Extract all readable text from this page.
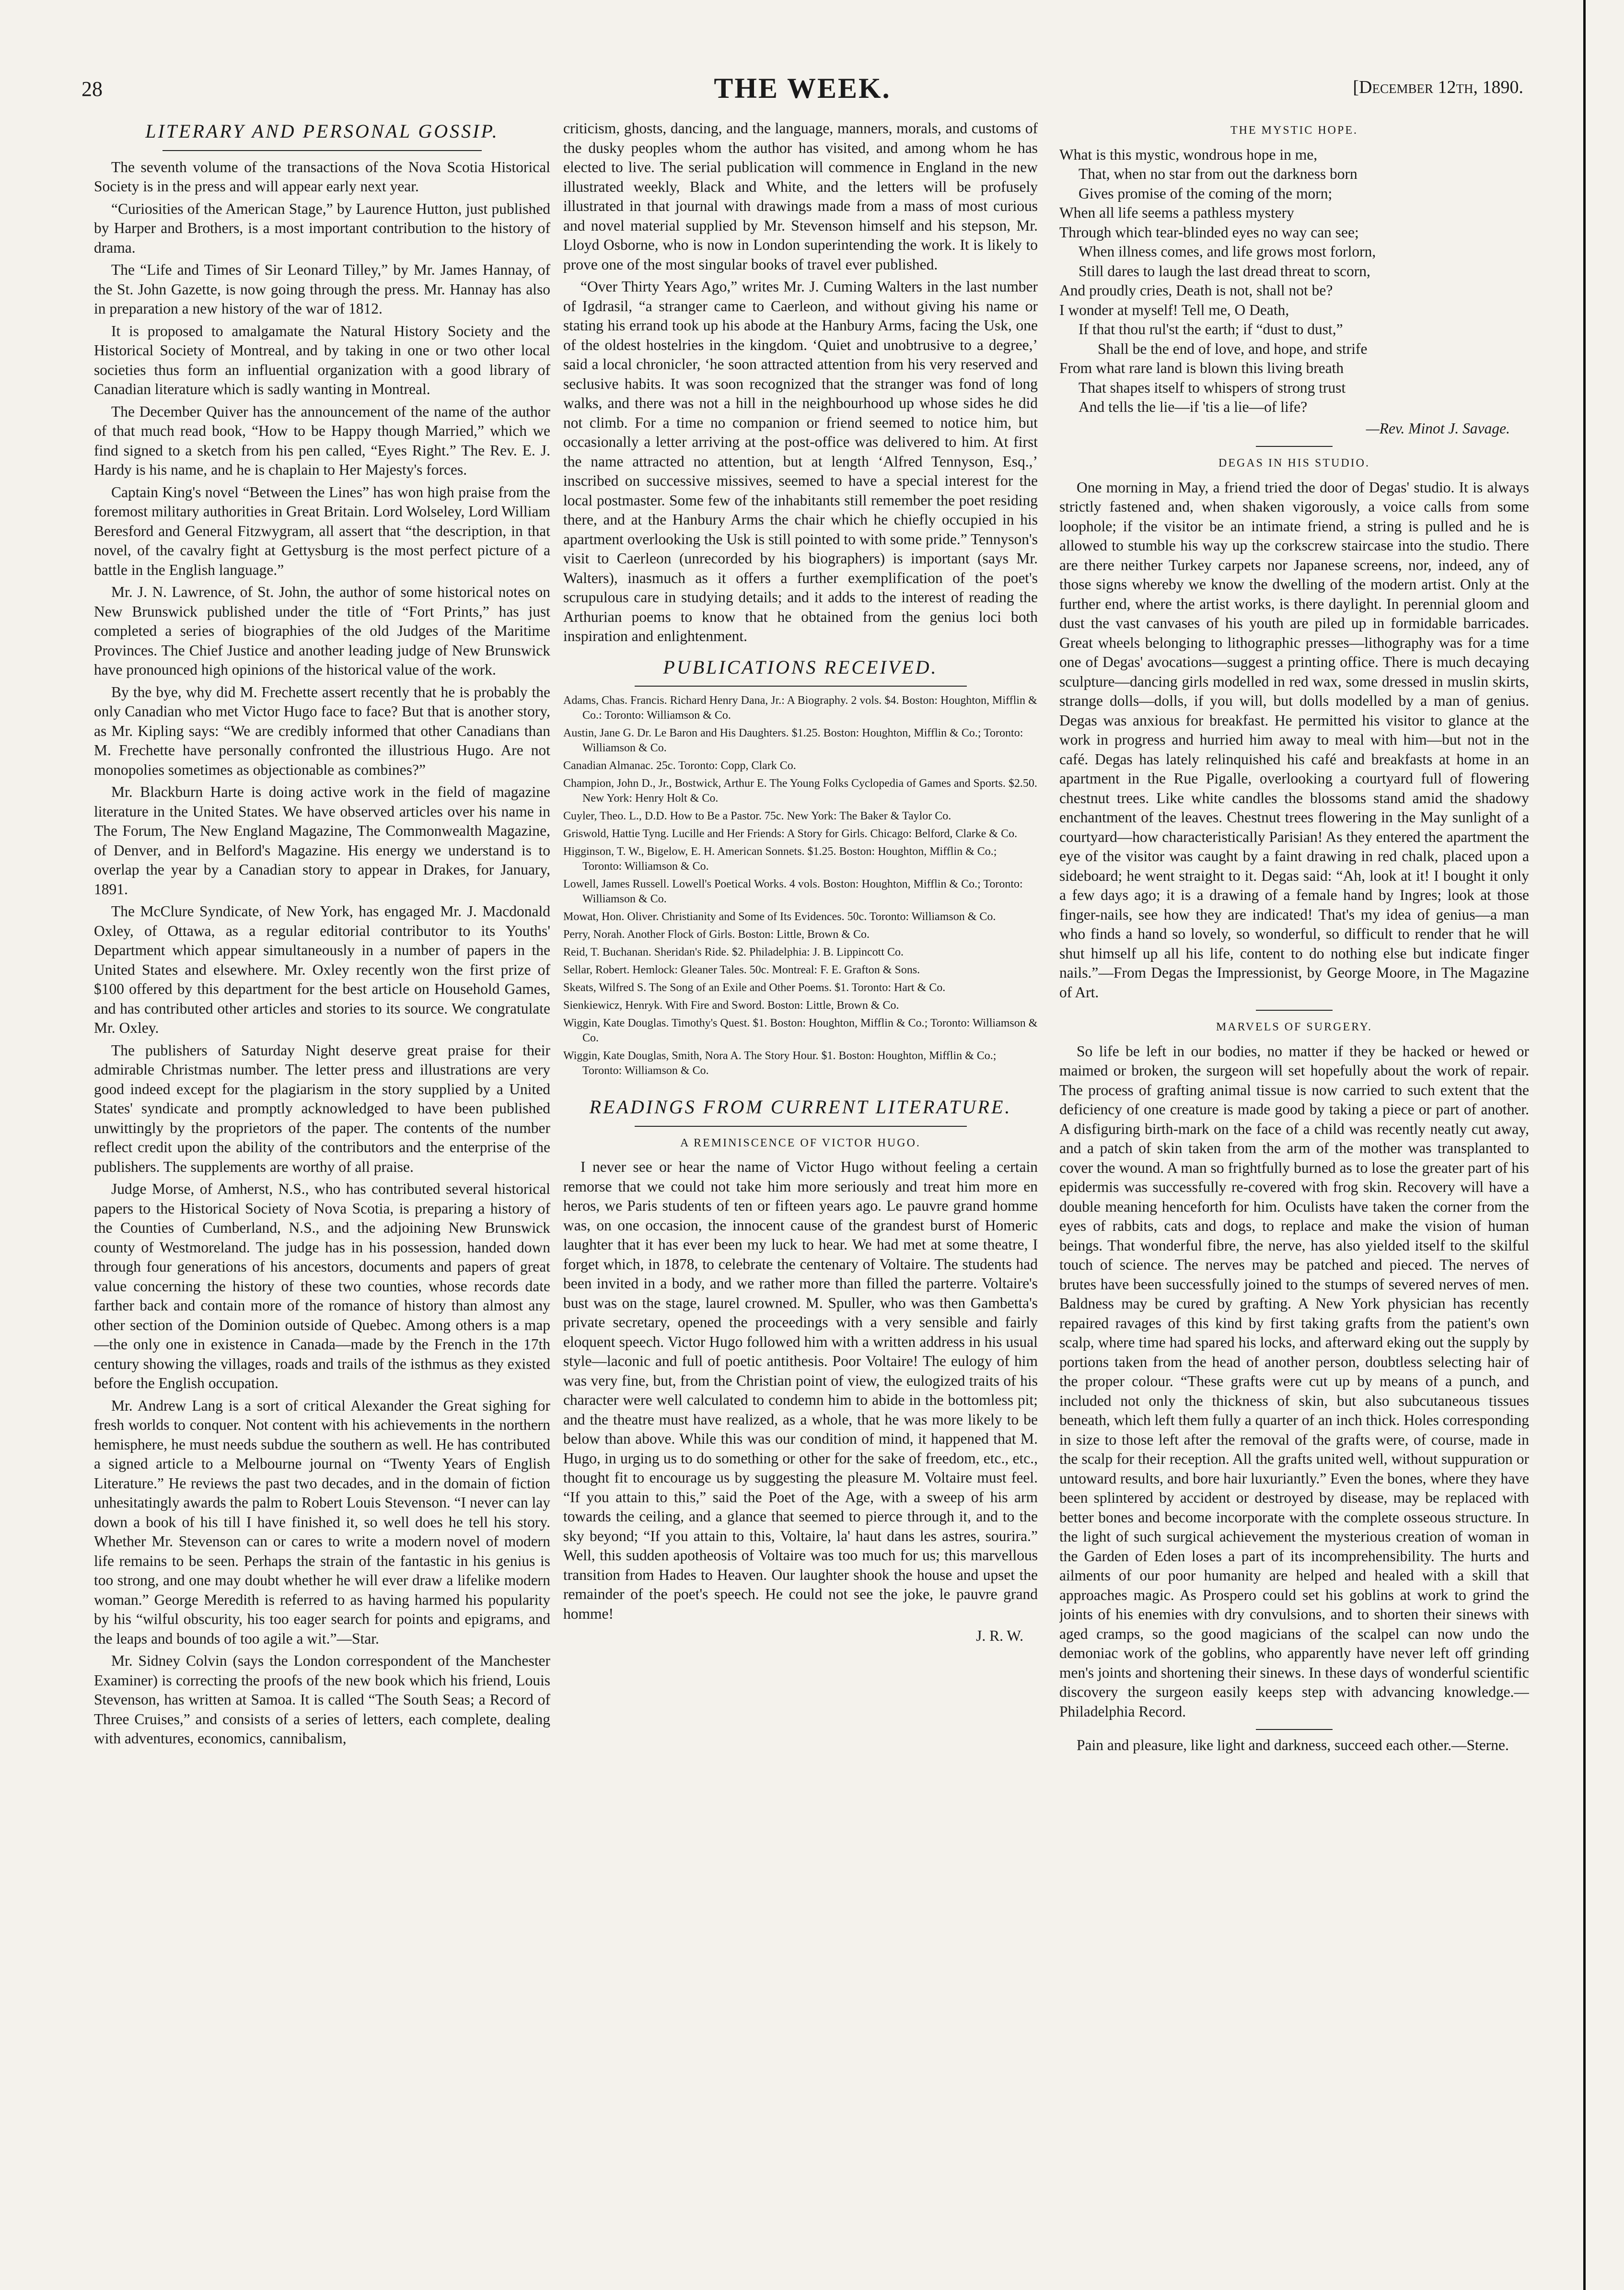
28	THE WEEK.	[December 12th, 1890.
LITERARY AND PERSONAL GOSSIP.

The seventh volume of the transactions of the Nova Scotia Historical Society is in the press and will appear early next year.

“Curiosities of the American Stage,” by Laurence Hutton, just published by Harper and Brothers, is a most important contribution to the history of drama.

The “Life and Times of Sir Leonard Tilley,” by Mr. James Hannay, of the St. John Gazette, is now going through the press. Mr. Hannay has also in preparation a new history of the war of 1812.

It is proposed to amalgamate the Natural History Society and the Historical Society of Montreal, and by taking in one or two other local societies thus form an influential organization with a good library of Canadian literature which is sadly wanting in Montreal.

The December Quiver has the announcement of the name of the author of that much read book, “How to be Happy though Married,” which we find signed to a sketch from his pen called, “Eyes Right.” The Rev. E. J. Hardy is his name, and he is chaplain to Her Majesty's forces.

Captain King's novel “Between the Lines” has won high praise from the foremost military authorities in Great Britain. Lord Wolseley, Lord William Beresford and General Fitzwygram, all assert that “the description, in that novel, of the cavalry fight at Gettysburg is the most perfect picture of a battle in the English language.”

Mr. J. N. Lawrence, of St. John, the author of some historical notes on New Brunswick published under the title of “Fort Prints,” has just completed a series of biographies of the old Judges of the Maritime Provinces. The Chief Justice and another leading judge of New Brunswick have pronounced high opinions of the historical value of the work.

By the bye, why did M. Frechette assert recently that he is probably the only Canadian who met Victor Hugo face to face? But that is another story, as Mr. Kipling says: “We are credibly informed that other Canadians than M. Frechette have personally confronted the illustrious Hugo. Are not monopolies sometimes as objectionable as combines?”

Mr. Blackburn Harte is doing active work in the field of magazine literature in the United States. We have observed articles over his name in The Forum, The New England Magazine, The Commonwealth Magazine, of Denver, and in Belford's Magazine. His energy we understand is to overlap the year by a Canadian story to appear in Drakes, for January, 1891.

The McClure Syndicate, of New York, has engaged Mr. J. Macdonald Oxley, of Ottawa, as a regular editorial contributor to its Youths' Department which appear simultaneously in a number of papers in the United States and elsewhere. Mr. Oxley recently won the first prize of $100 offered by this department for the best article on Household Games, and has contributed other articles and stories to its source. We congratulate Mr. Oxley.

The publishers of Saturday Night deserve great praise for their admirable Christmas number. The letter press and illustrations are very good indeed except for the plagiarism in the story supplied by a United States' syndicate and promptly acknowledged to have been published unwittingly by the proprietors of the paper. The contents of the number reflect credit upon the ability of the contributors and the enterprise of the publishers. The supplements are worthy of all praise.

Judge Morse, of Amherst, N.S., who has contributed several historical papers to the Historical Society of Nova Scotia, is preparing a history of the Counties of Cumberland, N.S., and the adjoining New Brunswick county of Westmoreland. The judge has in his possession, handed down through four generations of his ancestors, documents and papers of great value concerning the history of these two counties, whose records date farther back and contain more of the romance of history than almost any other section of the Dominion outside of Quebec. Among others is a map—the only one in existence in Canada—made by the French in the 17th century showing the villages, roads and trails of the isthmus as they existed before the English occupation.

Mr. Andrew Lang is a sort of critical Alexander the Great sighing for fresh worlds to conquer. Not content with his achievements in the northern hemisphere, he must needs subdue the southern as well. He has contributed a signed article to a Melbourne journal on “Twenty Years of English Literature.” He reviews the past two decades, and in the domain of fiction unhesitatingly awards the palm to Robert Louis Stevenson. “I never can lay down a book of his till I have finished it, so well does he tell his story. Whether Mr. Stevenson can or cares to write a modern novel of modern life remains to be seen. Perhaps the strain of the fantastic in his genius is too strong, and one may doubt whether he will ever draw a lifelike modern woman.” George Meredith is referred to as having harmed his popularity by his “wilful obscurity, his too eager search for points and epigrams, and the leaps and bounds of too agile a wit.”—Star.

Mr. Sidney Colvin (says the London correspondent of the Manchester Examiner) is correcting the proofs of the new book which his friend, Louis Stevenson, has written at Samoa. It is called “The South Seas; a Record of Three Cruises,” and consists of a series of letters, each complete, dealing with adventures, economics, cannibalism,

criticism, ghosts, dancing, and the language, manners, morals, and customs of the dusky peoples whom the author has visited, and among whom he has elected to live. The serial publication will commence in England in the new illustrated weekly, Black and White, and the letters will be profusely illustrated in that journal with drawings made from a mass of most curious and novel material supplied by Mr. Stevenson himself and his stepson, Mr. Lloyd Osborne, who is now in London superintending the work. It is likely to prove one of the most singular books of travel ever published.

“Over Thirty Years Ago,” writes Mr. J. Cuming Walters in the last number of Igdrasil, “a stranger came to Caerleon, and without giving his name or stating his errand took up his abode at the Hanbury Arms, facing the Usk, one of the oldest hostelries in the kingdom. ‘Quiet and unobtrusive to a degree,’ said a local chronicler, ‘he soon attracted attention from his very reserved and seclusive habits. It was soon recognized that the stranger was fond of long walks, and there was not a hill in the neighbourhood up whose sides he did not climb. For a time no companion or friend seemed to notice him, but occasionally a letter arriving at the post-office was delivered to him. At first the name attracted no attention, but at length ‘Alfred Tennyson, Esq.,’ inscribed on successive missives, seemed to have a special interest for the local postmaster. Some few of the inhabitants still remember the poet residing there, and at the Hanbury Arms the chair which he chiefly occupied in his apartment overlooking the Usk is still pointed to with some pride.” Tennyson's visit to Caerleon (unrecorded by his biographers) is important (says Mr. Walters), inasmuch as it offers a further exemplification of the poet's scrupulous care in studying details; and it adds to the interest of reading the Arthurian poems to know that he obtained from the genius loci both inspiration and enlightenment.

PUBLICATIONS RECEIVED.

Adams, Chas. Francis. Richard Henry Dana, Jr.: A Biography. 2 vols. $4. Boston: Houghton, Mifflin & Co.: Toronto: Williamson & Co.

Austin, Jane G. Dr. Le Baron and His Daughters. $1.25. Boston: Houghton, Mifflin & Co.; Toronto: Williamson & Co.

Canadian Almanac. 25c. Toronto: Copp, Clark Co.

Champion, John D., Jr., Bostwick, Arthur E. The Young Folks Cyclopedia of Games and Sports. $2.50. New York: Henry Holt & Co.

Cuyler, Theo. L., D.D. How to Be a Pastor. 75c. New York: The Baker & Taylor Co.

Griswold, Hattie Tyng. Lucille and Her Friends: A Story for Girls. Chicago: Belford, Clarke & Co.

Higginson, T. W., Bigelow, E. H. American Sonnets. $1.25. Boston: Houghton, Mifflin & Co.; Toronto: Williamson & Co.

Lowell, James Russell. Lowell's Poetical Works. 4 vols. Boston: Houghton, Mifflin & Co.; Toronto: Williamson & Co.

Mowat, Hon. Oliver. Christianity and Some of Its Evidences. 50c. Toronto: Williamson & Co.

Perry, Norah. Another Flock of Girls. Boston: Little, Brown & Co.

Reid, T. Buchanan. Sheridan's Ride. $2. Philadelphia: J. B. Lippincott Co.

Sellar, Robert. Hemlock: Gleaner Tales. 50c. Montreal: F. E. Grafton & Sons.

Skeats, Wilfred S. The Song of an Exile and Other Poems. $1. Toronto: Hart & Co.

Sienkiewicz, Henryk. With Fire and Sword. Boston: Little, Brown & Co.

Wiggin, Kate Douglas. Timothy's Quest. $1. Boston: Houghton, Mifflin & Co.; Toronto: Williamson & Co.

Wiggin, Kate Douglas, Smith, Nora A. The Story Hour. $1. Boston: Houghton, Mifflin & Co.; Toronto: Williamson & Co.

READINGS FROM CURRENT LITERATURE.
A REMINISCENCE OF VICTOR HUGO.

I never see or hear the name of Victor Hugo without feeling a certain remorse that we could not take him more seriously and treat him more en heros, we Paris students of ten or fifteen years ago. Le pauvre grand homme was, on one occasion, the innocent cause of the grandest burst of Homeric laughter that it has ever been my luck to hear. We had met at some theatre, I forget which, in 1878, to celebrate the centenary of Voltaire. The students had been invited in a body, and we rather more than filled the parterre. Voltaire's bust was on the stage, laurel crowned. M. Spuller, who was then Gambetta's private secretary, opened the proceedings with a very sensible and fairly eloquent speech. Victor Hugo followed him with a written address in his usual style—laconic and full of poetic antithesis. Poor Voltaire! The eulogy of him was very fine, but, from the Christian point of view, the eulogized traits of his character were well calculated to condemn him to abide in the bottomless pit; and the theatre must have realized, as a whole, that he was more likely to be below than above. While this was our condition of mind, it happened that M. Hugo, in urging us to do something or other for the sake of freedom, etc., etc., thought fit to encourage us by suggesting the pleasure M. Voltaire must feel. “If you attain to this,” said the Poet of the Age, with a sweep of his arm towards the ceiling, and a glance that seemed to pierce through it, and to the sky beyond; “If you attain to this, Voltaire, la' haut dans les astres, sourira.” Well, this sudden apotheosis of Voltaire was too much for us; this marvellous transition from Hades to Heaven. Our laughter shook the house and upset the remainder of the poet's speech. He could not see the joke, le pauvre grand homme!

J. R. W.

THE MYSTIC HOPE.

What is this mystic, wondrous hope in me,

That, when no star from out the darkness born

Gives promise of the coming of the morn;

When all life seems a pathless mystery

Through which tear-blinded eyes no way can see;

When illness comes, and life grows most forlorn,

Still dares to laugh the last dread threat to scorn,

And proudly cries, Death is not, shall not be?

I wonder at myself! Tell me, O Death,

If that thou rul'st the earth; if “dust to dust,”

Shall be the end of love, and hope, and strife

From what rare land is blown this living breath

That shapes itself to whispers of strong trust

And tells the lie—if 'tis a lie—of life?

—Rev. Minot J. Savage.

DEGAS IN HIS STUDIO.

One morning in May, a friend tried the door of Degas' studio. It is always strictly fastened and, when shaken vigorously, a voice calls from some loophole; if the visitor be an intimate friend, a string is pulled and he is allowed to stumble his way up the corkscrew staircase into the studio. There are there neither Turkey carpets nor Japanese screens, nor, indeed, any of those signs whereby we know the dwelling of the modern artist. Only at the further end, where the artist works, is there daylight. In perennial gloom and dust the vast canvases of his youth are piled up in formidable barricades. Great wheels belonging to lithographic presses—lithography was for a time one of Degas' avocations—suggest a printing office. There is much decaying sculpture—dancing girls modelled in red wax, some dressed in muslin skirts, strange dolls—dolls, if you will, but dolls modelled by a man of genius. Degas was anxious for breakfast. He permitted his visitor to glance at the work in progress and hurried him away to meal with him—but not in the café. Degas has lately relinquished his café and breakfasts at home in an apartment in the Rue Pigalle, overlooking a courtyard full of flowering chestnut trees. Like white candles the blossoms stand amid the shadowy enchantment of the leaves. Chestnut trees flowering in the May sunlight of a courtyard—how characteristically Parisian! As they entered the apartment the eye of the visitor was caught by a faint drawing in red chalk, placed upon a sideboard; he went straight to it. Degas said: “Ah, look at it! I bought it only a few days ago; it is a drawing of a female hand by Ingres; look at those finger-nails, see how they are indicated! That's my idea of genius—a man who finds a hand so lovely, so wonderful, so difficult to render that he will shut himself up all his life, content to do nothing else but indicate finger nails.”—From Degas the Impressionist, by George Moore, in The Magazine of Art.

MARVELS OF SURGERY.

So life be left in our bodies, no matter if they be hacked or hewed or maimed or broken, the surgeon will set hopefully about the work of repair. The process of grafting animal tissue is now carried to such extent that the deficiency of one creature is made good by taking a piece or part of another. A disfiguring birth-mark on the face of a child was recently neatly cut away, and a patch of skin taken from the arm of the mother was transplanted to cover the wound. A man so frightfully burned as to lose the greater part of his epidermis was successfully re-covered with frog skin. Recovery will have a double meaning henceforth for him. Oculists have taken the corner from the eyes of rabbits, cats and dogs, to replace and make the vision of human beings. That wonderful fibre, the nerve, has also yielded itself to the skilful touch of science. The nerves may be patched and pieced. The nerves of brutes have been successfully joined to the stumps of severed nerves of men. Baldness may be cured by grafting. A New York physician has recently repaired ravages of this kind by first taking grafts from the patient's own scalp, where time had spared his locks, and afterward eking out the supply by portions taken from the head of another person, doubtless selecting hair of the proper colour. “These grafts were cut up by means of a punch, and included not only the thickness of skin, but also subcutaneous tissues beneath, which left them fully a quarter of an inch thick. Holes corresponding in size to those left after the removal of the grafts were, of course, made in the scalp for their reception. All the grafts united well, without suppuration or untoward results, and bore hair luxuriantly.” Even the bones, where they have been splintered by accident or destroyed by disease, may be replaced with better bones and become incorporate with the complete osseous structure. In the light of such surgical achievement the mysterious creation of woman in the Garden of Eden loses a part of its incomprehensibility. The hurts and ailments of our poor humanity are helped and healed with a skill that approaches magic. As Prospero could set his goblins at work to grind the joints of his enemies with dry convulsions, and to shorten their sinews with aged cramps, so the good magicians of the scalpel can now undo the demoniac work of the goblins, who apparently have never left off grinding men's joints and shortening their sinews. In these days of wonderful scientific discovery the surgeon easily keeps step with advancing knowledge.—Philadelphia Record.

Pain and pleasure, like light and darkness, succeed each other.—Sterne.
